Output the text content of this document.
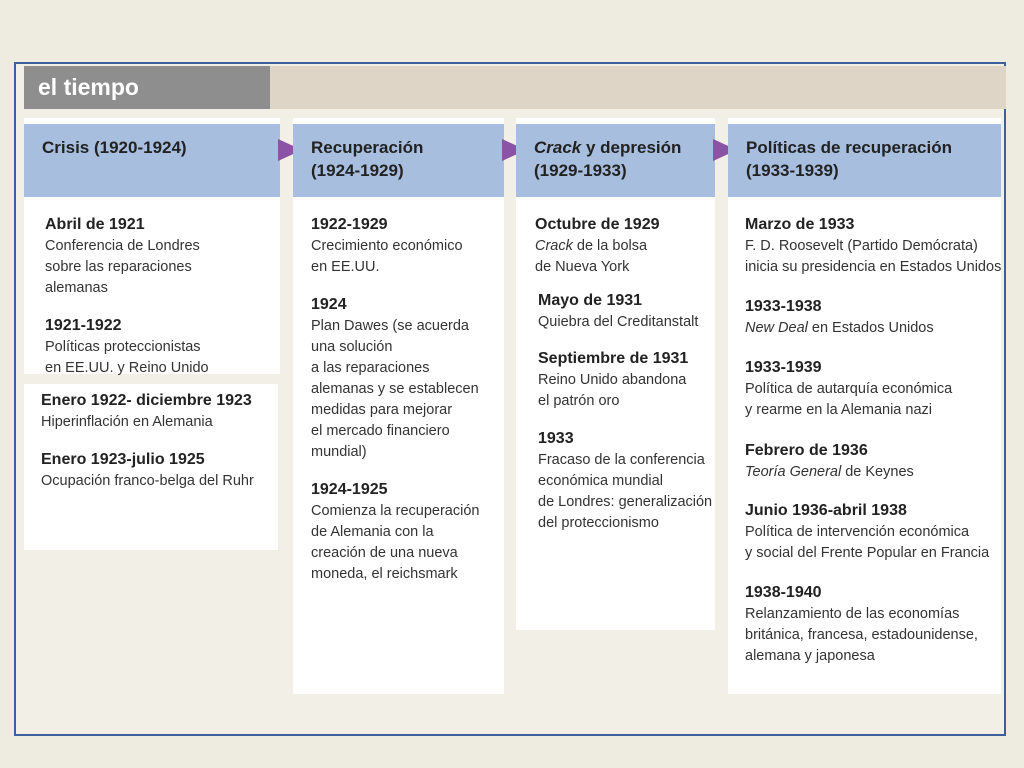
el tiempo
Crisis (1920-1924)
Abril de 1921
Conferencia de Londres
sobre las reparaciones
alemanas
1921-1922
Políticas proteccionistas
en EE.UU. y Reino Unido
Enero 1922- diciembre 1923
Hiperinflación en Alemania
Enero 1923-julio 1925
Ocupación franco-belga del Ruhr
Recuperación
(1924-1929)
1922-1929
Crecimiento económico
en EE.UU.
1924
Plan Dawes (se acuerda
una solución
a las reparaciones
alemanas y se establecen
medidas para mejorar
el mercado financiero
mundial)
1924-1925
Comienza la recuperación
de Alemania con la
creación de una nueva
moneda, el reichsmark
Crack y depresión
(1929-1933)
Octubre de 1929
Crack de la bolsa
de Nueva York
Mayo de 1931
Quiebra del Creditanstalt
Septiembre de 1931
Reino Unido abandona
el patrón oro
1933
Fracaso de la conferencia
económica mundial
de Londres: generalización
del proteccionismo
Políticas de recuperación
(1933-1939)
Marzo de 1933
F. D. Roosevelt (Partido Demócrata)
inicia su presidencia en Estados Unidos
1933-1938
New Deal en Estados Unidos
1933-1939
Política de autarquía económica
y rearme en la Alemania nazi
Febrero de 1936
Teoría General de Keynes
Junio 1936-abril 1938
Política de intervención económica
y social del Frente Popular en Francia
1938-1940
Relanzamiento de las economías
británica, francesa, estadounidense,
alemana y japonesa
